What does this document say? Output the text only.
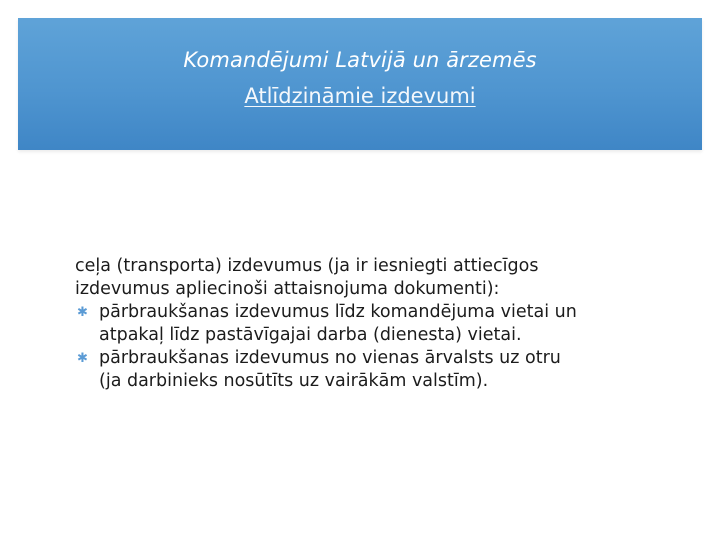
Komandējumi Latvijā un ārzemēs
Atlīdzināmie izdevumi
ceļa (transporta) izdevumus (ja ir iesniegti attiecīgos
izdevumus apliecinoši attaisnojuma dokumenti):
✱ pārbraukšanas izdevumus līdz komandējuma vietai un
atpakaļ līdz pastāvīgajai darba (dienesta) vietai.
✱ pārbraukšanas izdevumus no vienas ārvalsts uz otru
(ja darbinieks nosūtīts uz vairākām valstīm).
